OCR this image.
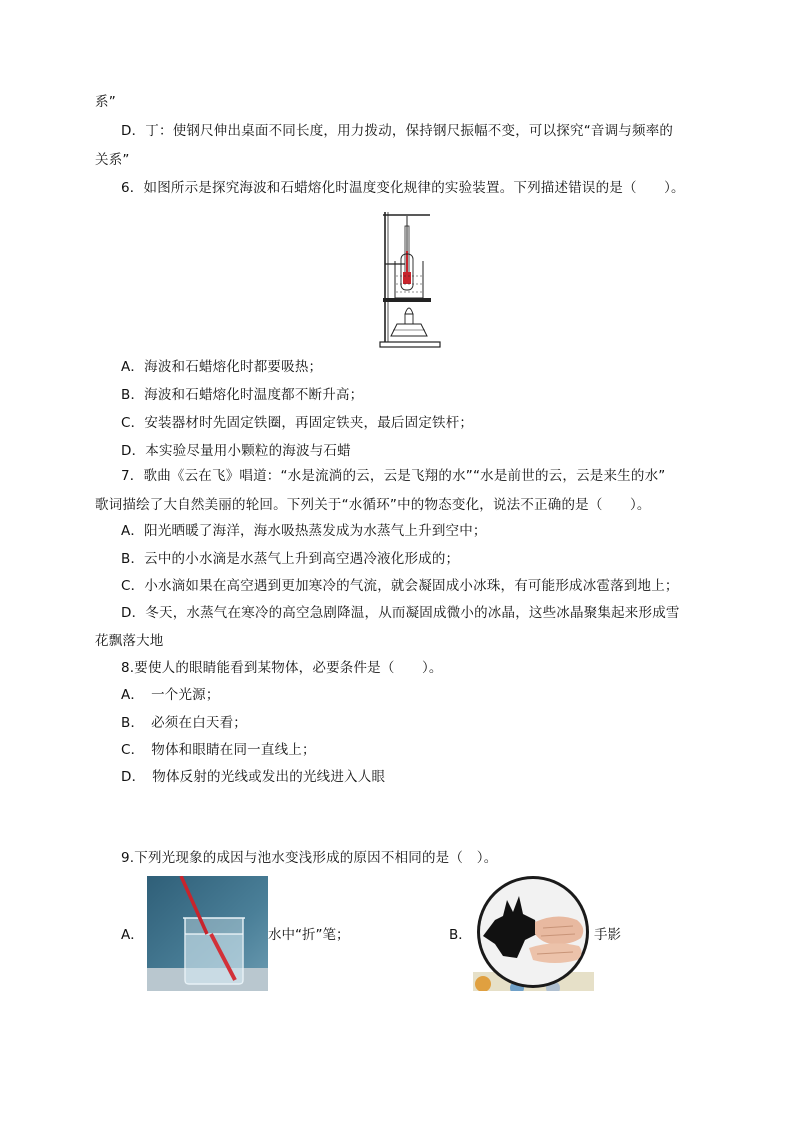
系”
D．丁：使钢尺伸出桌面不同长度，用力拨动，保持钢尺振幅不变，可以探究“音调与频率的
关系”
6．如图所示是探究海波和石蜡熔化时温度变化规律的实验装置。下列描述错误的是（　　）。
A．海波和石蜡熔化时都要吸热；
B．海波和石蜡熔化时温度都不断升高；
C．安装器材时先固定铁圈，再固定铁夹，最后固定铁杆；
D．本实验尽量用小颗粒的海波与石蜡
7．歌曲《云在飞》唱道：“水是流淌的云，云是飞翔的水”“水是前世的云，云是来生的水”
歌词描绘了大自然美丽的轮回。下列关于“水循环”中的物态变化，说法不正确的是（　　）。
A．阳光晒暖了海洋，海水吸热蒸发成为水蒸气上升到空中；
B．云中的小水滴是水蒸气上升到高空遇冷液化形成的；
C．小水滴如果在高空遇到更加寒冷的气流，就会凝固成小冰珠，有可能形成冰雹落到地上；
D．冬天，水蒸气在寒冷的高空急剧降温，从而凝固成微小的冰晶，这些冰晶聚集起来形成雪
花飘落大地
8.要使人的眼睛能看到某物体，必要条件是（　　）。
A．　一个光源；
B．　必须在白天看；
C．　物体和眼睛在同一直线上；
D．　物体反射的光线或发出的光线进入人眼
9.下列光现象的成因与池水变浅形成的原因不相同的是（　）。
A．	水中“折”笔；	B．	手影
